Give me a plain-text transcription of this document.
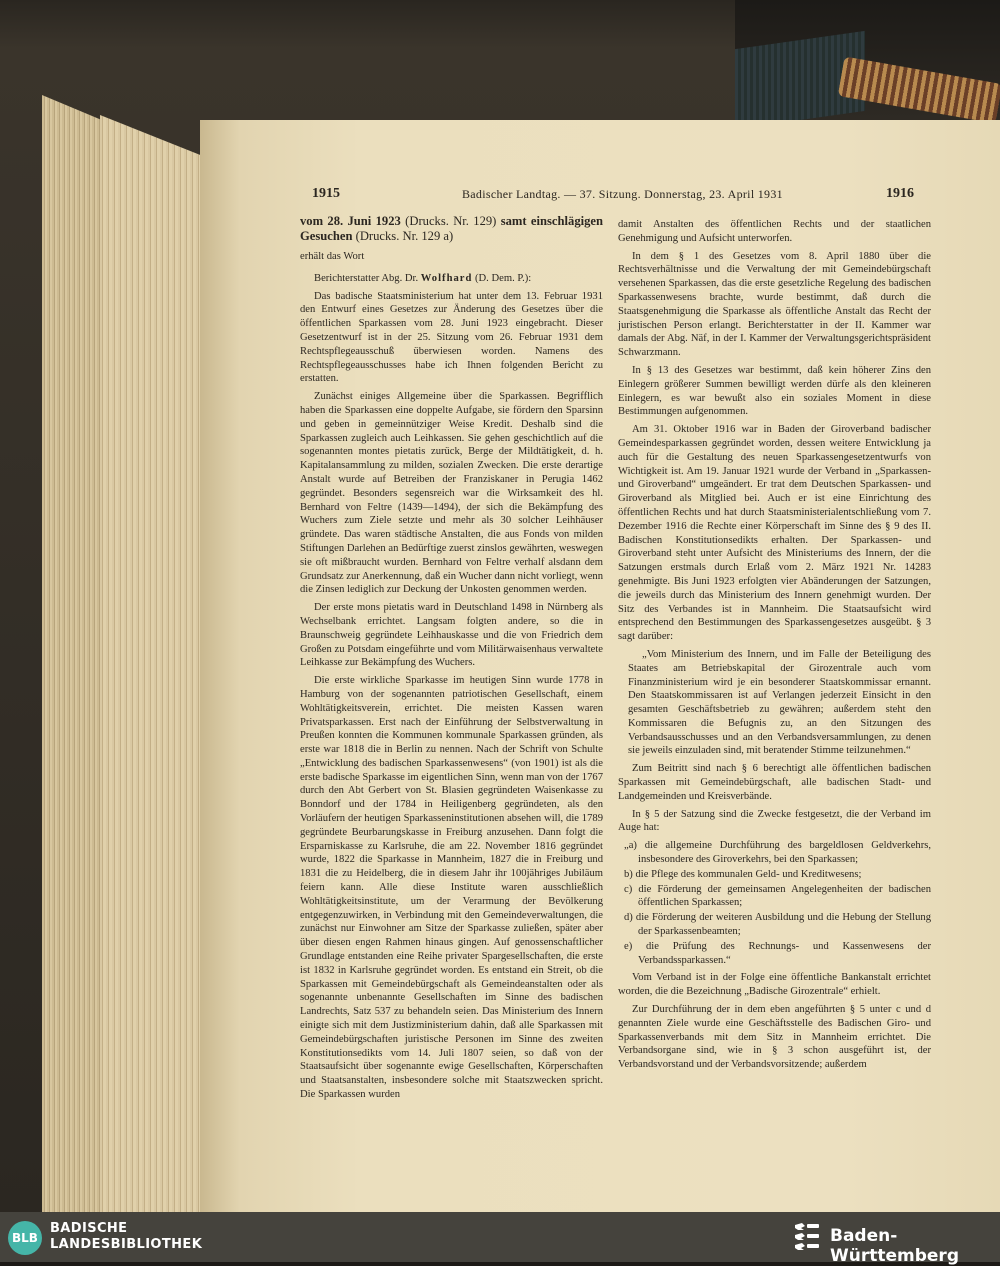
1915	Badischer Landtag. — 37. Sitzung. Donnerstag, 23. April 1931	1916

vom 28. Juni 1923 (Drucks. Nr. 129) samt einschlägigen Gesuchen (Drucks. Nr. 129 a)

erhält das Wort

Berichterstatter Abg. Dr. Wolfhard (D. Dem. P.):

Das badische Staatsministerium hat unter dem 13. Februar 1931 den Entwurf eines Gesetzes zur Änderung des Gesetzes über die öffentlichen Sparkassen vom 28. Juni 1923 eingebracht. Dieser Gesetzentwurf ist in der 25. Sitzung vom 26. Februar 1931 dem Rechtspflegeausschuß überwiesen worden. Namens des Rechtspflegeausschusses habe ich Ihnen folgenden Bericht zu erstatten.

Zunächst einiges Allgemeine über die Sparkassen. Begrifflich haben die Sparkassen eine doppelte Aufgabe, sie fördern den Sparsinn und geben in gemeinnütziger Weise Kredit. Deshalb sind die Sparkassen zugleich auch Leihkassen. Sie gehen geschichtlich auf die sogenannten montes pietatis zurück, Berge der Mildtätigkeit, d. h. Kapitalansammlung zu milden, sozialen Zwecken. Die erste derartige Anstalt wurde auf Betreiben der Franziskaner in Perugia 1462 gegründet. Besonders segensreich war die Wirksamkeit des hl. Bernhard von Feltre (1439—1494), der sich die Bekämpfung des Wuchers zum Ziele setzte und mehr als 30 solcher Leihhäuser gründete. Das waren städtische Anstalten, die aus Fonds von milden Stiftungen Darlehen an Bedürftige zuerst zinslos gewährten, weswegen sie oft mißbraucht wurden. Bernhard von Feltre verhalf alsdann dem Grundsatz zur Anerkennung, daß ein Wucher dann nicht vorliegt, wenn die Zinsen lediglich zur Deckung der Unkosten genommen werden.

Der erste mons pietatis ward in Deutschland 1498 in Nürnberg als Wechselbank errichtet. Langsam folgten andere, so die in Braunschweig gegründete Leihhauskasse und die von Friedrich dem Großen zu Potsdam eingeführte und vom Militärwaisenhaus verwaltete Leihkasse zur Bekämpfung des Wuchers.

Die erste wirkliche Sparkasse im heutigen Sinn wurde 1778 in Hamburg von der sogenannten patriotischen Gesellschaft, einem Wohltätigkeitsverein, errichtet. Die meisten Kassen waren Privatsparkassen. Erst nach der Einführung der Selbstverwaltung in Preußen konnten die Kommunen kommunale Sparkassen gründen, als erste war 1818 die in Berlin zu nennen. Nach der Schrift von Schulte „Entwicklung des badischen Sparkassenwesens“ (von 1901) ist als die erste badische Sparkasse im eigentlichen Sinn, wenn man von der 1767 durch den Abt Gerbert von St. Blasien gegründeten Waisenkasse zu Bonndorf und der 1784 in Heiligenberg gegründeten, als den Vorläufern der heutigen Sparkasseninstitutionen absehen will, die 1789 gegründete Beurbarungskasse in Freiburg anzusehen. Dann folgt die Ersparniskasse zu Karlsruhe, die am 22. November 1816 gegründet wurde, 1822 die Sparkasse in Mannheim, 1827 die in Freiburg und 1831 die zu Heidelberg, die in diesem Jahr ihr 100jähriges Jubiläum feiern kann. Alle diese Institute waren ausschließlich Wohltätigkeitsinstitute, um der Verarmung der Bevölkerung entgegenzuwirken, in Verbindung mit den Gemeindeverwaltungen, die zunächst nur Einwohner am Sitze der Sparkasse zuließen, später aber über diesen engen Rahmen hinaus gingen. Auf genossenschaftlicher Grundlage entstanden eine Reihe privater Spargesellschaften, die erste ist 1832 in Karlsruhe gegründet worden. Es entstand ein Streit, ob die Sparkassen mit Gemeindebürgschaft als Gemeindeanstalten oder als sogenannte unbenannte Gesellschaften im Sinne des badischen Landrechts, Satz 537 zu behandeln seien. Das Ministerium des Innern einigte sich mit dem Justizministerium dahin, daß alle Sparkassen mit Gemeindebürgschaften juristische Personen im Sinne des zweiten Konstitutionsedikts vom 14. Juli 1807 seien, so daß von der Staatsaufsicht über sogenannte ewige Gesellschaften, Körperschaften und Staatsanstalten, insbesondere solche mit Staatszwecken spricht. Die Sparkassen wurden

damit Anstalten des öffentlichen Rechts und der staatlichen Genehmigung und Aufsicht unterworfen.

In dem § 1 des Gesetzes vom 8. April 1880 über die Rechtsverhältnisse und die Verwaltung der mit Gemeindebürgschaft versehenen Sparkassen, das die erste gesetzliche Regelung des badischen Sparkassenwesens brachte, wurde bestimmt, daß durch die Staatsgenehmigung die Sparkasse als öffentliche Anstalt das Recht der juristischen Person erlangt. Berichterstatter in der II. Kammer war damals der Abg. Näf, in der I. Kammer der Verwaltungsgerichtspräsident Schwarzmann.

In § 13 des Gesetzes war bestimmt, daß kein höherer Zins den Einlegern größerer Summen bewilligt werden dürfe als den kleineren Einlegern, es war bewußt also ein soziales Moment in diese Bestimmungen aufgenommen.

Am 31. Oktober 1916 war in Baden der Giroverband badischer Gemeindesparkassen gegründet worden, dessen weitere Entwicklung ja auch für die Gestaltung des neuen Sparkassengesetzentwurfs von Wichtigkeit ist. Am 19. Januar 1921 wurde der Verband in „Sparkassen- und Giroverband“ umgeändert. Er trat dem Deutschen Sparkassen- und Giroverband als Mitglied bei. Auch er ist eine Einrichtung des öffentlichen Rechts und hat durch Staatsministerialentschließung vom 7. Dezember 1916 die Rechte einer Körperschaft im Sinne des § 9 des II. Badischen Konstitutionsedikts erhalten. Der Sparkassen- und Giroverband steht unter Aufsicht des Ministeriums des Innern, der die Satzungen erstmals durch Erlaß vom 2. März 1921 Nr. 14283 genehmigte. Bis Juni 1923 erfolgten vier Abänderungen der Satzungen, die jeweils durch das Ministerium des Innern genehmigt wurden. Der Sitz des Verbandes ist in Mannheim. Die Staatsaufsicht wird entsprechend den Bestimmungen des Sparkassengesetzes ausgeübt. § 3 sagt darüber:

„Vom Ministerium des Innern, und im Falle der Beteiligung des Staates am Betriebskapital der Girozentrale auch vom Finanzministerium wird je ein besonderer Staatskommissar ernannt. Den Staatskommissaren ist auf Verlangen jederzeit Einsicht in den gesamten Geschäftsbetrieb zu gewähren; außerdem steht den Kommissaren die Befugnis zu, an den Sitzungen des Verbandsausschusses und an den Verbandsversammlungen, zu denen sie jeweils einzuladen sind, mit beratender Stimme teilzunehmen.“

Zum Beitritt sind nach § 6 berechtigt alle öffentlichen badischen Sparkassen mit Gemeindebürgschaft, alle badischen Stadt- und Landgemeinden und Kreisverbände.

In § 5 der Satzung sind die Zwecke festgesetzt, die der Verband im Auge hat:

„a) die allgemeine Durchführung des bargeldlosen Geldverkehrs, insbesondere des Giroverkehrs, bei den Sparkassen;
b) die Pflege des kommunalen Geld- und Kreditwesens;
c) die Förderung der gemeinsamen Angelegenheiten der badischen öffentlichen Sparkassen;
d) die Förderung der weiteren Ausbildung und die Hebung der Stellung der Sparkassenbeamten;
e) die Prüfung des Rechnungs- und Kassenwesens der Verbandssparkassen.“

Vom Verband ist in der Folge eine öffentliche Bankanstalt errichtet worden, die die Bezeichnung „Badische Girozentrale“ erhielt.

Zur Durchführung der in dem eben angeführten § 5 unter c und d genannten Ziele wurde eine Geschäftsstelle des Badischen Giro- und Sparkassenverbands mit dem Sitz in Mannheim errichtet. Die Verbandsorgane sind, wie in § 3 schon ausgeführt ist, der Verbandsvorstand und der Verbandsvorsitzende; außerdem

BLB
BADISCHE
LANDESBIBLIOTHEK	Baden-Württemberg
